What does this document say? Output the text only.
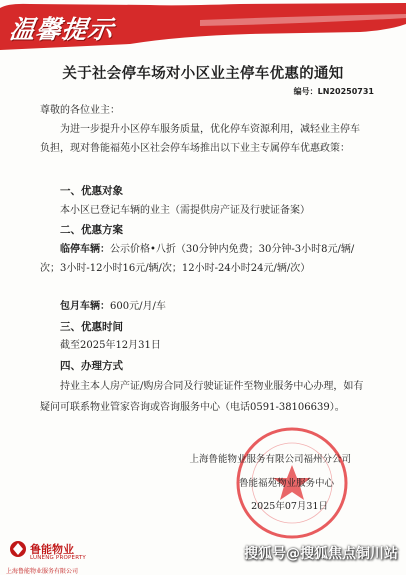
温馨提示
关于社会停车场对小区业主停车优惠的通知
编号：LN20250731

尊敬的各位业主：

为进一步提升小区停车服务质量，优化停车资源利用，减轻业主停车负担，现对鲁能福苑小区社会停车场推出以下业主专属停车优惠政策：

一、优惠对象

本小区已登记车辆的业主（需提供房产证及行驶证备案）

二、优惠方案

临停车辆：公示价格•八折（30分钟内免费；30分钟-3小时8元/辆/次；3小时-12小时16元/辆/次；12小时-24小时24元/辆/次）

包月车辆：600元/月/车

三、优惠时间

截至2025年12月31日

四、办理方式

持业主本人房产证/购房合同及行驶证证件至物业服务中心办理，如有疑问可联系物业管家咨询或咨询服务中心（电话0591-38106639）。

上海鲁能物业服务有限公司福州分公司
鲁能福苑物业服务中心
2025年07月31日
鲁能物业
LUNENG PROPERTY
上海鲁能物业服务有限公司
搜狐号@搜狐焦点铜川站
